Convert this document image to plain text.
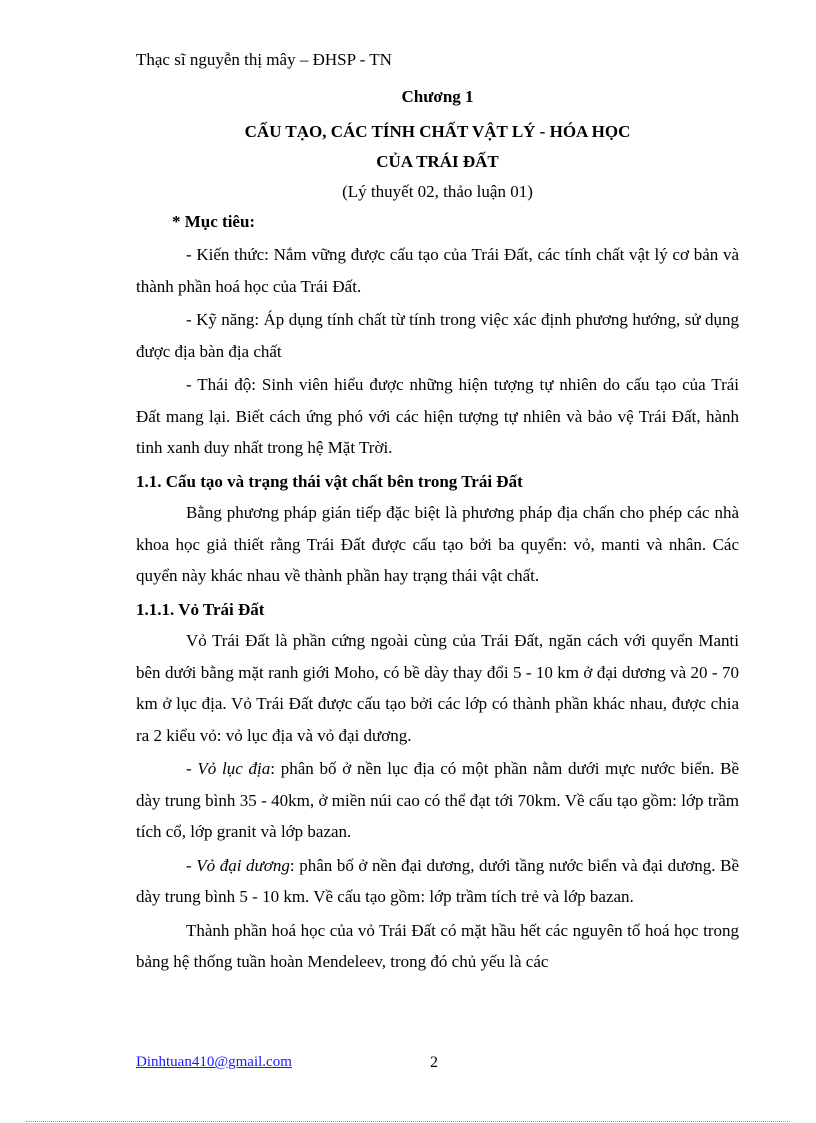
Thạc sĩ nguyễn thị mây – ĐHSP - TN
Chương 1
CẤU TẠO, CÁC TÍNH CHẤT VẬT LÝ - HÓA HỌC
CỦA TRÁI ĐẤT
(Lý thuyết 02, thảo luận 01)
* Mục tiêu:

- Kiến thức: Nắm vững được cấu tạo của Trái Đất, các tính chất vật lý cơ bản và thành phần hoá học của Trái Đất.

- Kỹ năng: Áp dụng tính chất từ tính trong việc xác định phương hướng, sử dụng được địa bàn địa chất

- Thái độ: Sinh viên hiểu được những hiện tượng tự nhiên do cấu tạo của Trái Đất mang lại. Biết cách ứng phó với các hiện tượng tự nhiên và bảo vệ Trái Đất, hành tinh xanh duy nhất trong hệ Mặt Trời.

1.1. Cấu tạo và trạng thái vật chất bên trong Trái Đất

Bằng phương pháp gián tiếp đặc biệt là phương pháp địa chấn cho phép các nhà khoa học giả thiết rằng Trái Đất được cấu tạo bởi ba quyển: vỏ, manti và nhân. Các quyển này khác nhau về thành phần hay trạng thái vật chất.

1.1.1. Vỏ Trái Đất

Vỏ Trái Đất là phần cứng ngoài cùng của Trái Đất, ngăn cách với quyển Manti bên dưới bằng mặt ranh giới Moho, có bề dày thay đổi 5 - 10 km ở đại dương và 20 - 70 km ở lục địa. Vỏ Trái Đất được cấu tạo bởi các lớp có thành phần khác nhau, được chia ra 2 kiểu vỏ: vỏ lục địa và vỏ đại dương.

- Vỏ lục địa: phân bố ở nền lục địa có một phần nằm dưới mực nước biển. Bề dày trung bình 35 - 40km, ở miền núi cao có thể đạt tới 70km. Về cấu tạo gồm: lớp trầm tích cổ, lớp granit và lớp bazan.

- Vỏ đại dương: phân bố ở nền đại dương, dưới tầng nước biển và đại dương. Bề dày trung bình 5 - 10 km. Về cấu tạo gồm: lớp trầm tích trẻ và lớp bazan.

Thành phần hoá học của vỏ Trái Đất có mặt hầu hết các nguyên tố hoá học trong bảng hệ thống tuần hoàn Mendeleev, trong đó chủ yếu là các

Dinhtuan410@gmail.com	2
